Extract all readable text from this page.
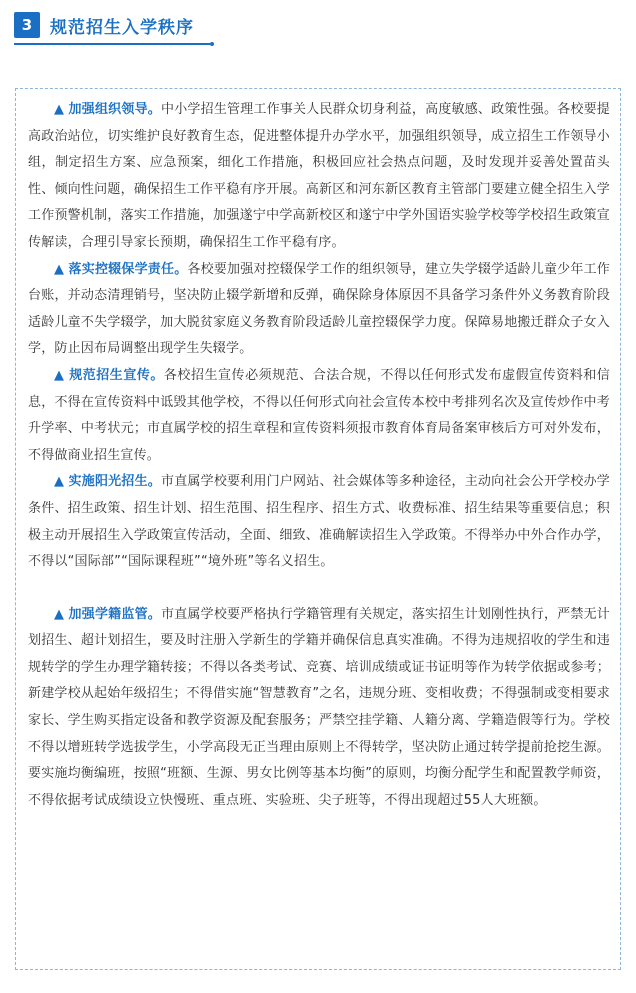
3	规范招生入学秩序

▲ 加强组织领导。中小学招生管理工作事关人民群众切身利益，高度敏感、政策性强。各校要提高政治站位，切实维护良好教育生态，促进整体提升办学水平，加强组织领导，成立招生工作领导小组，制定招生方案、应急预案，细化工作措施，积极回应社会热点问题，及时发现并妥善处置苗头性、倾向性问题，确保招生工作平稳有序开展。高新区和河东新区教育主管部门要建立健全招生入学工作预警机制，落实工作措施，加强遂宁中学高新校区和遂宁中学外国语实验学校等学校招生政策宣传解读，合理引导家长预期，确保招生工作平稳有序。

▲ 落实控辍保学责任。各校要加强对控辍保学工作的组织领导，建立失学辍学适龄儿童少年工作台账，并动态清理销号，坚决防止辍学新增和反弹，确保除身体原因不具备学习条件外义务教育阶段适龄儿童不失学辍学，加大脱贫家庭义务教育阶段适龄儿童控辍保学力度。保障易地搬迁群众子女入学，防止因布局调整出现学生失辍学。

▲ 规范招生宣传。各校招生宣传必须规范、合法合规，不得以任何形式发布虚假宣传资料和信息，不得在宣传资料中诋毁其他学校，不得以任何形式向社会宣传本校中考排列名次及宣传炒作中考升学率、中考状元；市直属学校的招生章程和宣传资料须报市教育体育局备案审核后方可对外发布，不得做商业招生宣传。

▲ 实施阳光招生。市直属学校要利用门户网站、社会媒体等多种途径，主动向社会公开学校办学条件、招生政策、招生计划、招生范围、招生程序、招生方式、收费标准、招生结果等重要信息；积极主动开展招生入学政策宣传活动，全面、细致、准确解读招生入学政策。不得举办中外合作办学，不得以“国际部”“国际课程班”“境外班”等名义招生。

▲ 加强学籍监管。市直属学校要严格执行学籍管理有关规定，落实招生计划刚性执行，严禁无计划招生、超计划招生，要及时注册入学新生的学籍并确保信息真实准确。不得为违规招收的学生和违规转学的学生办理学籍转接；不得以各类考试、竞赛、培训成绩或证书证明等作为转学依据或参考；新建学校从起始年级招生；不得借实施“智慧教育”之名，违规分班、变相收费；不得强制或变相要求家长、学生购买指定设备和教学资源及配套服务；严禁空挂学籍、人籍分离、学籍造假等行为。学校不得以增班转学选拔学生，小学高段无正当理由原则上不得转学，坚决防止通过转学提前抢挖生源。要实施均衡编班，按照“班额、生源、男女比例等基本均衡”的原则，均衡分配学生和配置教学师资，不得依据考试成绩设立快慢班、重点班、实验班、尖子班等，不得出现超过55人大班额。
